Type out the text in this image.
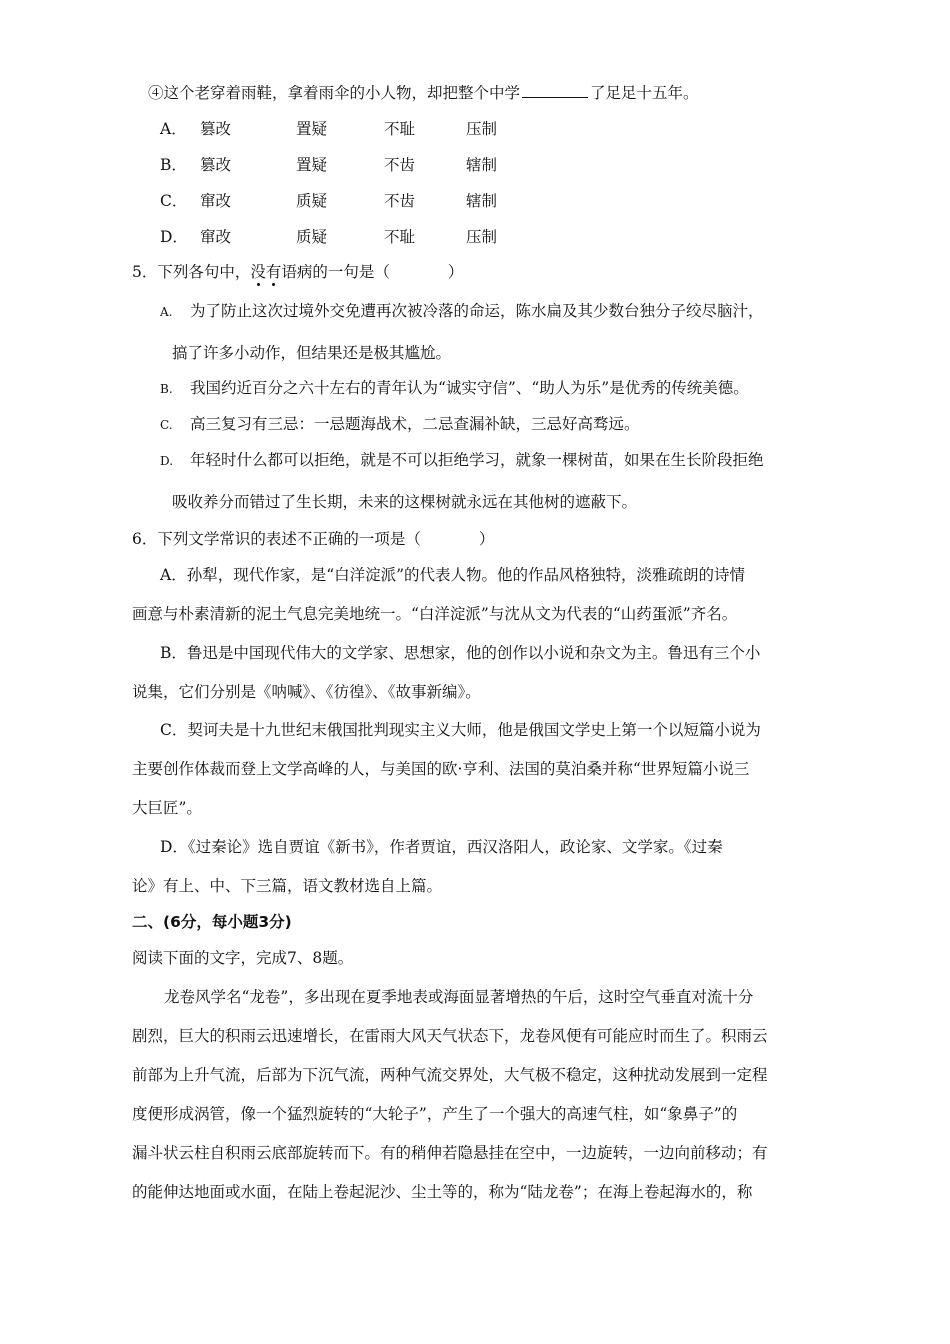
④这个老穿着雨鞋，拿着雨伞的小人物，却把整个中学	了足足十五年。
A． 篡改	置疑	不耻	压制
B． 篡改	置疑	不齿	辖制
C． 窜改	质疑	不齿	辖制
D． 窜改	质疑	不耻	压制
5．下列各句中，没有语病的一句是（	）
A. 为了防止这次过境外交免遭再次被冷落的命运，陈水扁及其少数台独分子绞尽脑汁，
搞了许多小动作，但结果还是极其尴尬。
B. 我国约近百分之六十左右的青年认为“诚实守信”、“助人为乐”是优秀的传统美德。
C. 高三复习有三忌：一忌题海战术，二忌查漏补缺，三忌好高骛远。
D. 年轻时什么都可以拒绝，就是不可以拒绝学习，就象一棵树苗，如果在生长阶段拒绝
吸收养分而错过了生长期，未来的这棵树就永远在其他树的遮蔽下。
6．下列文学常识的表述不正确的一项是（	）
A．孙犁，现代作家，是“白洋淀派”的代表人物。他的作品风格独特，淡雅疏朗的诗情
画意与朴素清新的泥土气息完美地统一。“白洋淀派”与沈从文为代表的“山药蛋派”齐名。
B．鲁迅是中国现代伟大的文学家、思想家，他的创作以小说和杂文为主。鲁迅有三个小
说集，它们分别是《呐喊》、《彷徨》、《故事新编》。
C．契诃夫是十九世纪末俄国批判现实主义大师，他是俄国文学史上第一个以短篇小说为
主要创作体裁而登上文学高峰的人，与美国的欧·亨利、法国的莫泊桑并称“世界短篇小说三
大巨匠”。
D．《过秦论》选自贾谊《新书》，作者贾谊，西汉洛阳人，政论家、文学家。《过秦
论》有上、中、下三篇，语文教材选自上篇。
二、(6分，每小题3分)
阅读下面的文字，完成7、8题。
龙卷风学名“龙卷”，多出现在夏季地表或海面显著增热的午后，这时空气垂直对流十分
剧烈，巨大的积雨云迅速增长，在雷雨大风天气状态下，龙卷风便有可能应时而生了。积雨云
前部为上升气流，后部为下沉气流，两种气流交界处，大气极不稳定，这种扰动发展到一定程
度便形成涡管，像一个猛烈旋转的“大轮子”，产生了一个强大的高速气柱，如“象鼻子”的
漏斗状云柱自积雨云底部旋转而下。有的稍伸若隐悬挂在空中，一边旋转，一边向前移动；有
的能伸达地面或水面，在陆上卷起泥沙、尘土等的，称为“陆龙卷”；在海上卷起海水的，称
